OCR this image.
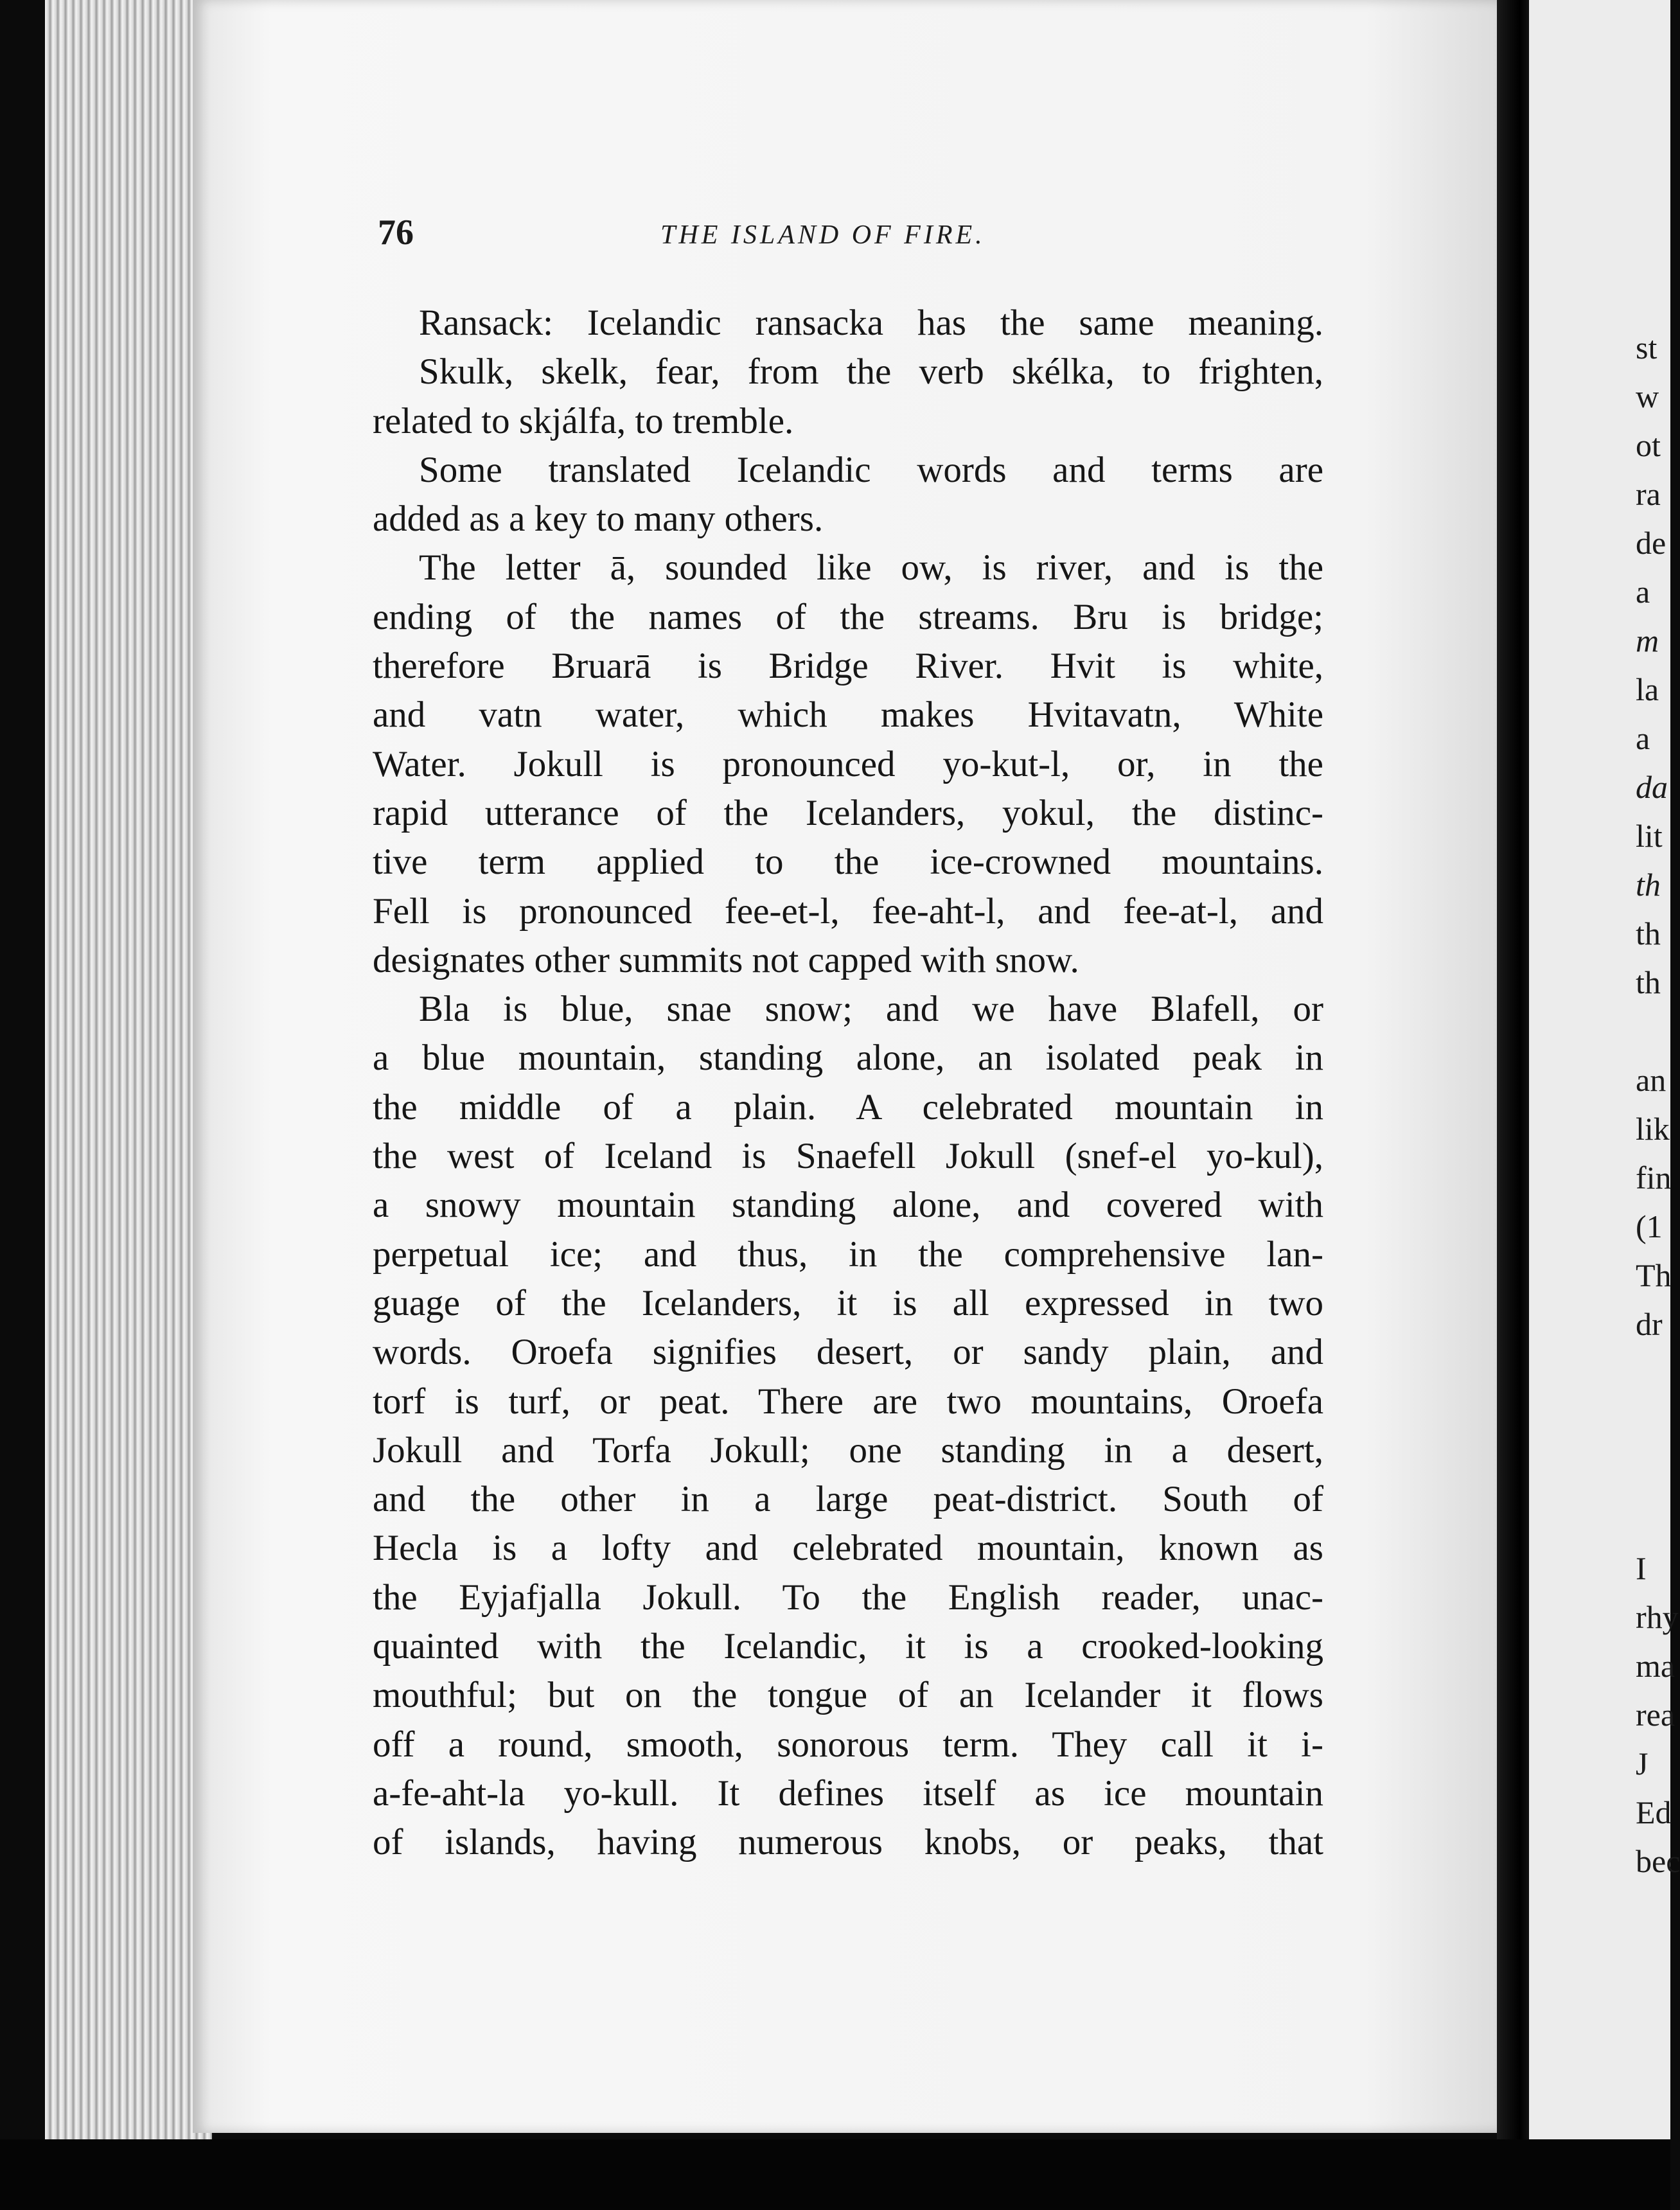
76	THE ISLAND OF FIRE.
Ransack: Icelandic ransacka has the same meaning.
Skulk, skelk, fear, from the verb skélka, to frighten,
related to skjálfa, to tremble.
Some translated Icelandic words and terms are
added as a key to many others.
The letter ā, sounded like ow, is river, and is the
ending of the names of the streams. Bru is bridge;
therefore Bruarā is Bridge River. Hvit is white,
and vatn water, which makes Hvitavatn, White
Water. Jokull is pronounced yo-kut-l, or, in the
rapid utterance of the Icelanders, yokul, the distinc-
tive term applied to the ice-crowned mountains.
Fell is pronounced fee-et-l, fee-aht-l, and fee-at-l, and
designates other summits not capped with snow.
Bla is blue, snae snow; and we have Blafell, or
a blue mountain, standing alone, an isolated peak in
the middle of a plain. A celebrated mountain in
the west of Iceland is Snaefell Jokull (snef-el yo-kul),
a snowy mountain standing alone, and covered with
perpetual ice; and thus, in the comprehensive lan-
guage of the Icelanders, it is all expressed in two
words. Oroefa signifies desert, or sandy plain, and
torf is turf, or peat. There are two mountains, Oroefa
Jokull and Torfa Jokull; one standing in a desert,
and the other in a large peat-district. South of
Hecla is a lofty and celebrated mountain, known as
the Eyjafjalla Jokull. To the English reader, unac-
quainted with the Icelandic, it is a crooked-looking
mouthful; but on the tongue of an Icelander it flows
off a round, smooth, sonorous term. They call it i-
a-fe-aht-la yo-kull. It defines itself as ice mountain
of islands, having numerous knobs, or peaks, that
st
w
ot
ra
de
a
m
la
a
da
lit
th
th
th
an
lik
fin
(1
Th
dr
I
rhy
ma
rea
J
Ed
bec
